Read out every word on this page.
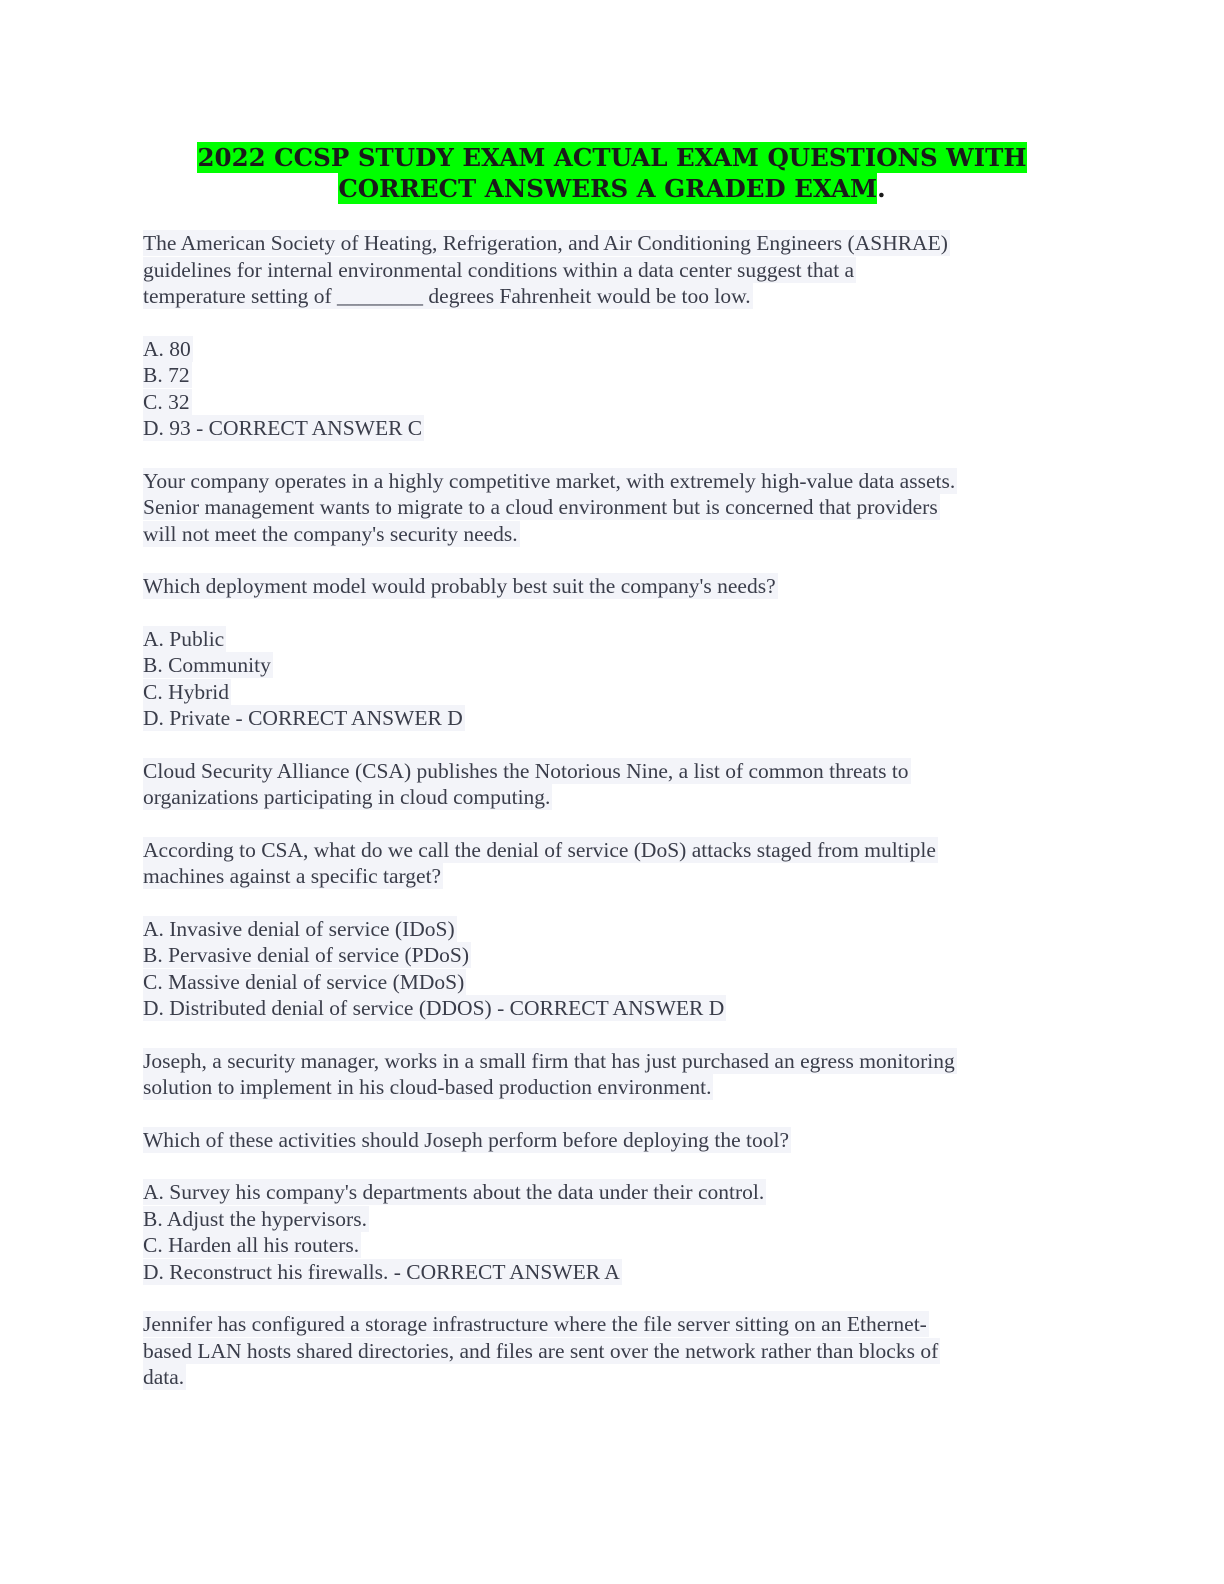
2022 CCSP STUDY EXAM ACTUAL EXAM QUESTIONS WITH
CORRECT ANSWERS A GRADED EXAM.
The American Society of Heating, Refrigeration, and Air Conditioning Engineers (ASHRAE)
guidelines for internal environmental conditions within a data center suggest that a
temperature setting of ________ degrees Fahrenheit would be too low.
A. 80
B. 72
C. 32
D. 93 - CORRECT ANSWER C
Your company operates in a highly competitive market, with extremely high-value data assets.
Senior management wants to migrate to a cloud environment but is concerned that providers
will not meet the company's security needs.
Which deployment model would probably best suit the company's needs?
A. Public
B. Community
C. Hybrid
D. Private - CORRECT ANSWER D
Cloud Security Alliance (CSA) publishes the Notorious Nine, a list of common threats to
organizations participating in cloud computing.
According to CSA, what do we call the denial of service (DoS) attacks staged from multiple
machines against a specific target?
A. Invasive denial of service (IDoS)
B. Pervasive denial of service (PDoS)
C. Massive denial of service (MDoS)
D. Distributed denial of service (DDOS) - CORRECT ANSWER D
Joseph, a security manager, works in a small firm that has just purchased an egress monitoring
solution to implement in his cloud-based production environment.
Which of these activities should Joseph perform before deploying the tool?
A. Survey his company's departments about the data under their control.
B. Adjust the hypervisors.
C. Harden all his routers.
D. Reconstruct his firewalls. - CORRECT ANSWER A
Jennifer has configured a storage infrastructure where the file server sitting on an Ethernet-
based LAN hosts shared directories, and files are sent over the network rather than blocks of
data.
